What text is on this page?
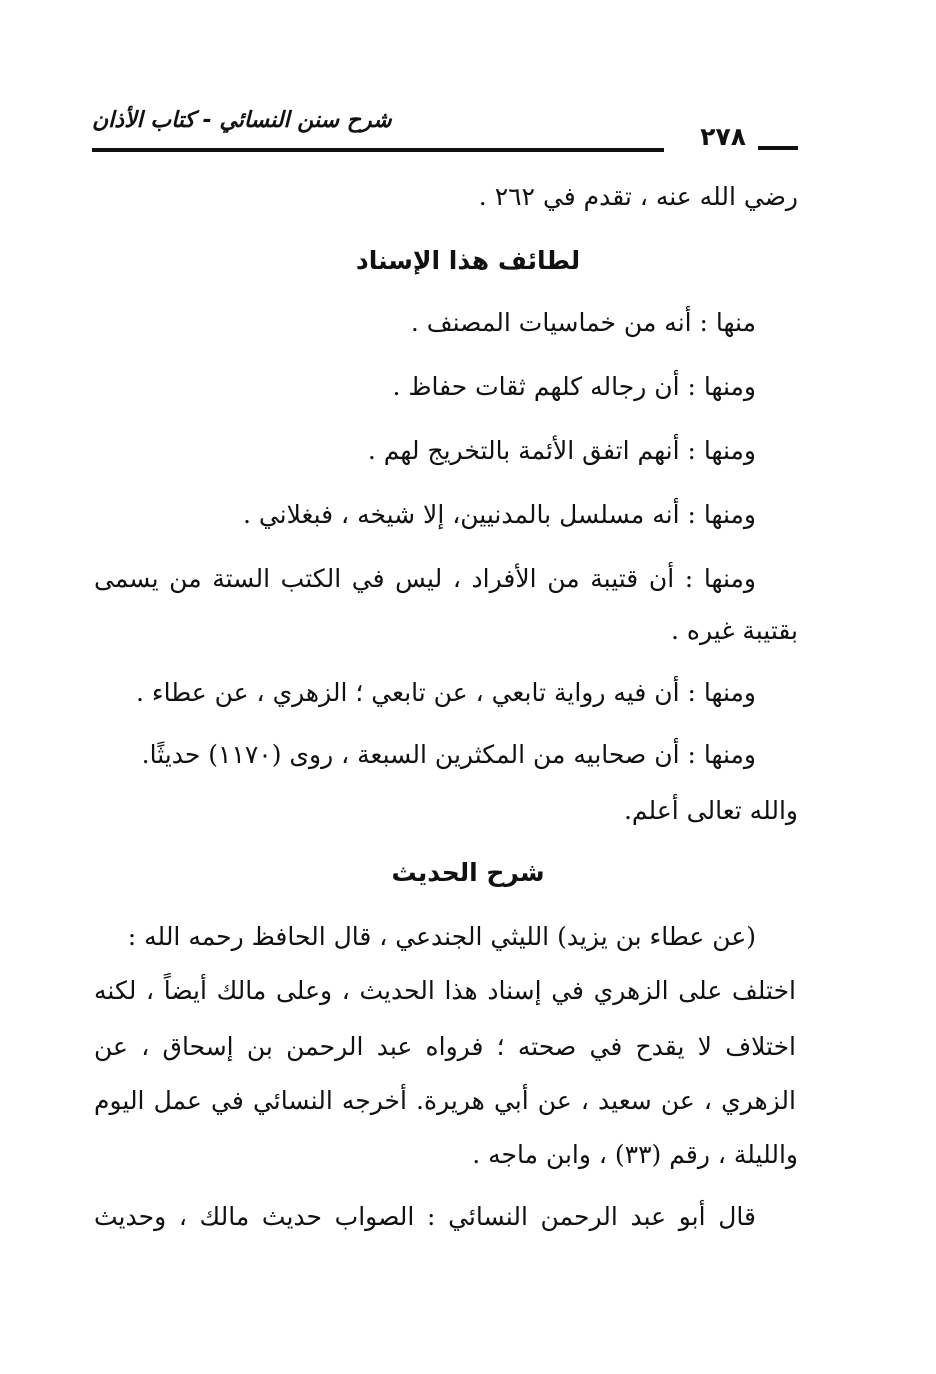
شرح سنن النسائي - كتاب الأذان
٢٧٨
رضي الله عنه ، تقدم في ٢٦٢ .
لطائف هذا الإسناد
منها : أنه من خماسيات المصنف .
ومنها : أن رجاله كلهم ثقات حفاظ .
ومنها : أنهم اتفق الأئمة بالتخريج لهم .
ومنها : أنه مسلسل بالمدنيين، إلا شيخه ، فبغلاني .
ومنها : أن قتيبة من الأفراد ، ليس في الكتب الستة من يسمى
بقتيبة غيره .
ومنها : أن فيه رواية تابعي ، عن تابعي ؛ الزهري ، عن عطاء .
ومنها : أن صحابيه من المكثرين السبعة ، روى (١١٧٠) حديثًا.
والله تعالى أعلم.
شرح الحديث
(عن عطاء بن يزيد) الليثي الجندعي ، قال الحافظ رحمه الله :
اختلف على الزهري في إسناد هذا الحديث ، وعلى مالك أيضاً ، لكنه
اختلاف لا يقدح في صحته ؛ فرواه عبد الرحمن بن إسحاق ، عن
الزهري ، عن سعيد ، عن أبي هريرة. أخرجه النسائي في عمل اليوم
والليلة ، رقم (٣٣) ، وابن ماجه .
قال أبو عبد الرحمن النسائي : الصواب حديث مالك ، وحديث
